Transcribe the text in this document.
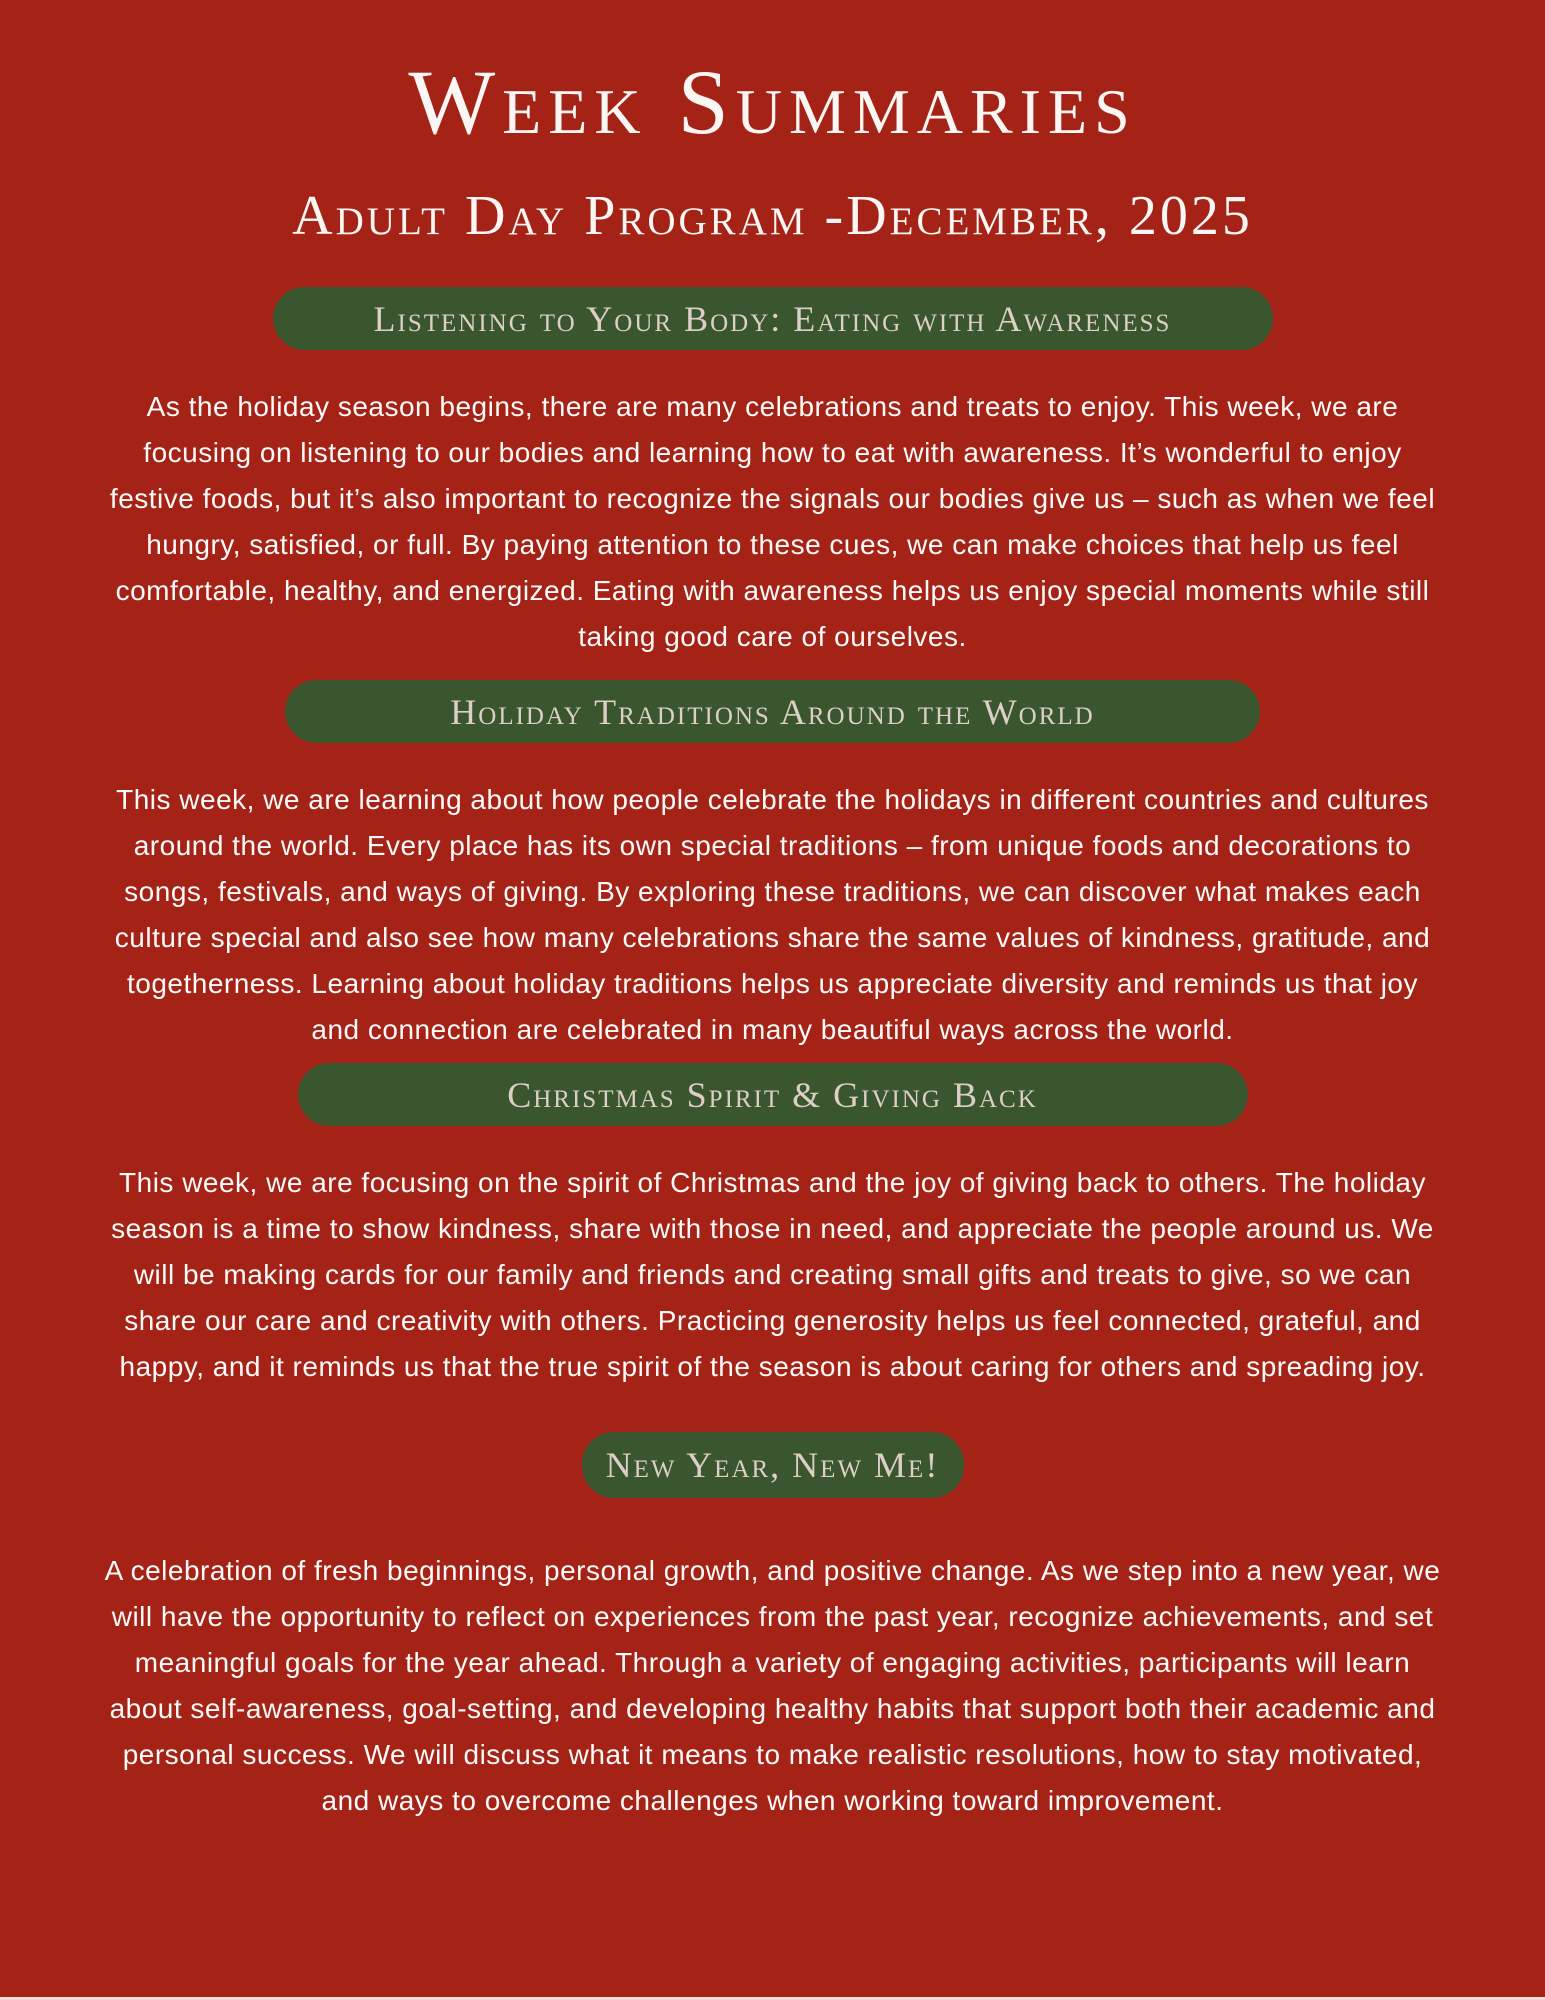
Week Summaries
Adult Day Program -December, 2025
Listening to Your Body: Eating with Awareness

As the holiday season begins, there are many celebrations and treats to enjoy. This week, we are focusing on listening to our bodies and learning how to eat with awareness. It’s wonderful to enjoy festive foods, but it’s also important to recognize the signals our bodies give us – such as when we feel hungry, satisfied, or full. By paying attention to these cues, we can make choices that help us feel comfortable, healthy, and energized. Eating with awareness helps us enjoy special moments while still taking good care of ourselves.

Holiday Traditions Around the World

This week, we are learning about how people celebrate the holidays in different countries and cultures around the world. Every place has its own special traditions – from unique foods and decorations to songs, festivals, and ways of giving. By exploring these traditions, we can discover what makes each culture special and also see how many celebrations share the same values of kindness, gratitude, and togetherness. Learning about holiday traditions helps us appreciate diversity and reminds us that joy and connection are celebrated in many beautiful ways across the world.

Christmas Spirit & Giving Back

This week, we are focusing on the spirit of Christmas and the joy of giving back to others. The holiday season is a time to show kindness, share with those in need, and appreciate the people around us. We will be making cards for our family and friends and creating small gifts and treats to give, so we can share our care and creativity with others. Practicing generosity helps us feel connected, grateful, and happy, and it reminds us that the true spirit of the season is about caring for others and spreading joy.

New Year, New Me!

A celebration of fresh beginnings, personal growth, and positive change. As we step into a new year, we will have the opportunity to reflect on experiences from the past year, recognize achievements, and set meaningful goals for the year ahead. Through a variety of engaging activities, participants will learn about self-awareness, goal-setting, and developing healthy habits that support both their academic and personal success. We will discuss what it means to make realistic resolutions, how to stay motivated, and ways to overcome challenges when working toward improvement.
